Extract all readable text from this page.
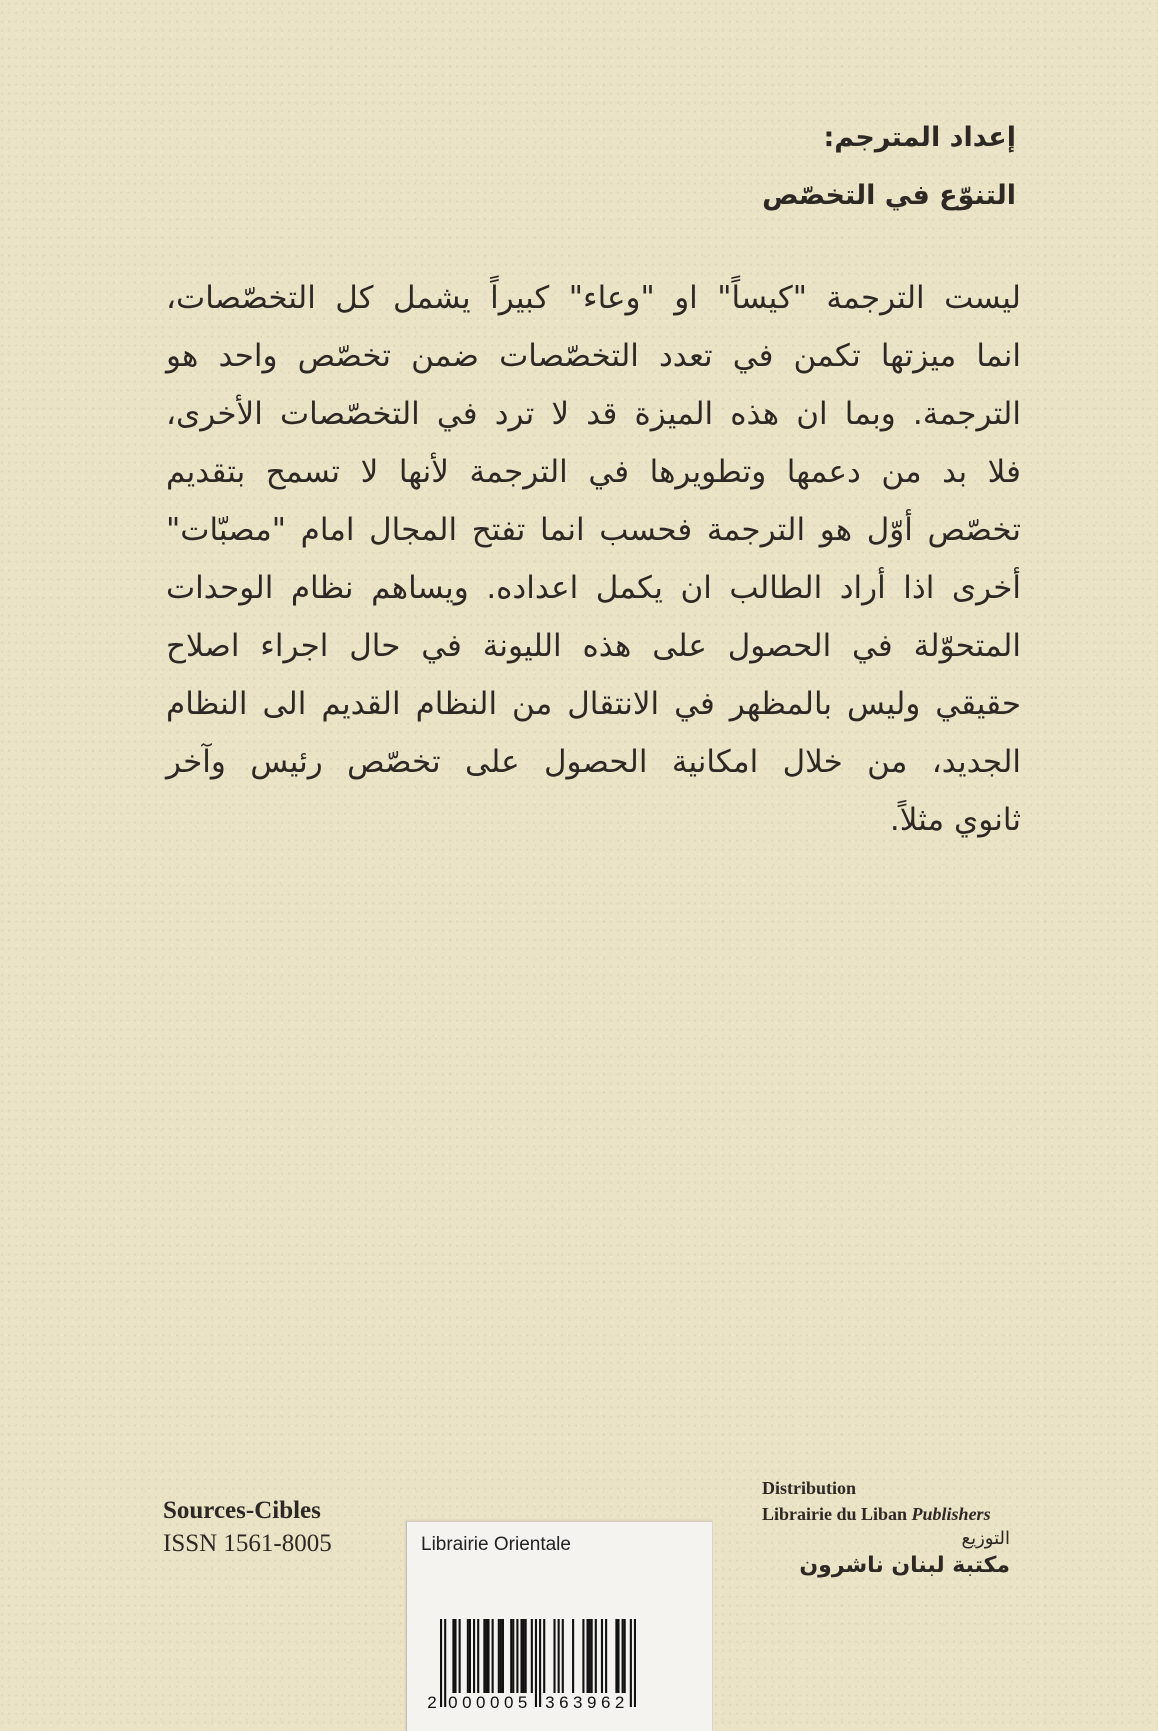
إعداد المترجم:
التنوّع في التخصّص
ليست الترجمة "كيساً" او "وعاء" كبيراً يشمل كل التخصّصات،
انما ميزتها تكمن في تعدد التخصّصات ضمن تخصّص واحد هو
الترجمة. وبما ان هذه الميزة قد لا ترد في التخصّصات الأخرى،
فلا بد من دعمها وتطويرها في الترجمة لأنها لا تسمح بتقديم
تخصّص أوّل هو الترجمة فحسب انما تفتح المجال امام "مصبّات"
أخرى اذا أراد الطالب ان يكمل اعداده. ويساهم نظام الوحدات
المتحوّلة في الحصول على هذه الليونة في حال اجراء اصلاح
حقيقي وليس بالمظهر في الانتقال من النظام القديم الى النظام
الجديد، من خلال امكانية الحصول على تخصّص رئيس وآخر
ثانوي مثلاً.
Sources-Cibles
ISSN 1561-8005	Librairie Orientale
2 000005 363962
Distribution
Librairie du Liban Publishers
التوزيع
مكتبة لبنان ناشرون
